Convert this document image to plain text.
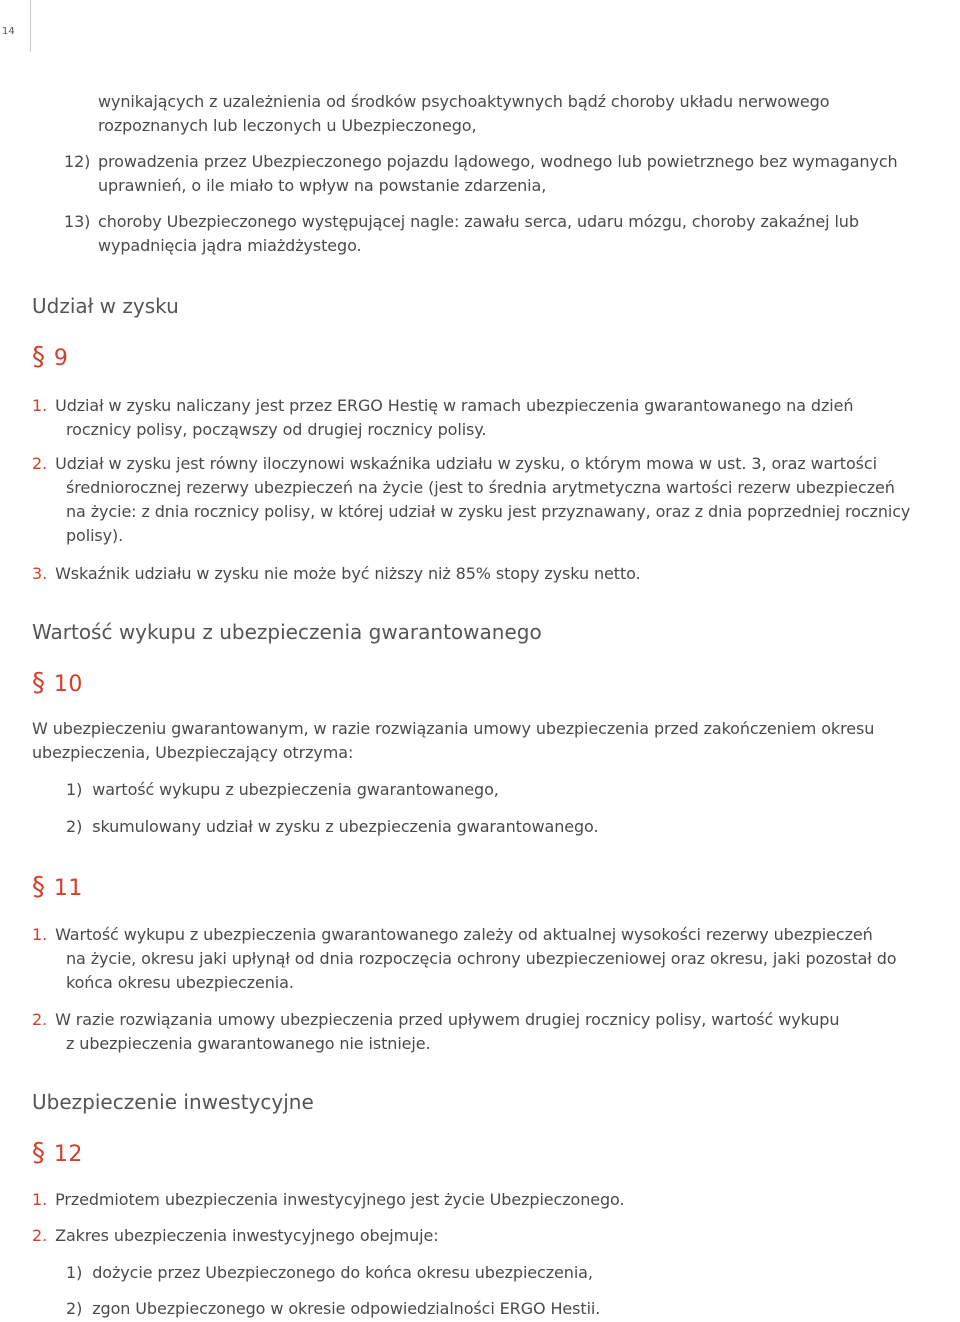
14
wynikających z uzależnienia od środków psychoaktywnych bądź choroby układu nerwowego
rozpoznanych lub leczonych u Ubezpieczonego,
12) prowadzenia przez Ubezpieczonego pojazdu lądowego, wodnego lub powietrznego bez wymaganych
uprawnień, o ile miało to wpływ na powstanie zdarzenia,
13) choroby Ubezpieczonego występującej nagle: zawału serca, udaru mózgu, choroby zakaźnej lub
wypadnięcia jądra miażdżystego.
Udział w zysku
§ 9
1. Udział w zysku naliczany jest przez ERGO Hestię w ramach ubezpieczenia gwarantowanego na dzień
rocznicy polisy, począwszy od drugiej rocznicy polisy.
2. Udział w zysku jest równy iloczynowi wskaźnika udziału w zysku, o którym mowa w ust. 3, oraz wartości
średniorocznej rezerwy ubezpieczeń na życie (jest to średnia arytmetyczna wartości rezerw ubezpieczeń
na życie: z dnia rocznicy polisy, w której udział w zysku jest przyznawany, oraz z dnia poprzedniej rocznicy
polisy).
3. Wskaźnik udziału w zysku nie może być niższy niż 85% stopy zysku netto.
Wartość wykupu z ubezpieczenia gwarantowanego
§ 10
W ubezpieczeniu gwarantowanym, w razie rozwiązania umowy ubezpieczenia przed zakończeniem okresu
ubezpieczenia, Ubezpieczający otrzyma:
1) wartość wykupu z ubezpieczenia gwarantowanego,
2) skumulowany udział w zysku z ubezpieczenia gwarantowanego.
§ 11
1. Wartość wykupu z ubezpieczenia gwarantowanego zależy od aktualnej wysokości rezerwy ubezpieczeń
na życie, okresu jaki upłynął od dnia rozpoczęcia ochrony ubezpieczeniowej oraz okresu, jaki pozostał do
końca okresu ubezpieczenia.
2. W razie rozwiązania umowy ubezpieczenia przed upływem drugiej rocznicy polisy, wartość wykupu
z ubezpieczenia gwarantowanego nie istnieje.
Ubezpieczenie inwestycyjne
§ 12
1. Przedmiotem ubezpieczenia inwestycyjnego jest życie Ubezpieczonego.
2. Zakres ubezpieczenia inwestycyjnego obejmuje:
1) dożycie przez Ubezpieczonego do końca okresu ubezpieczenia,
2) zgon Ubezpieczonego w okresie odpowiedzialności ERGO Hestii.
